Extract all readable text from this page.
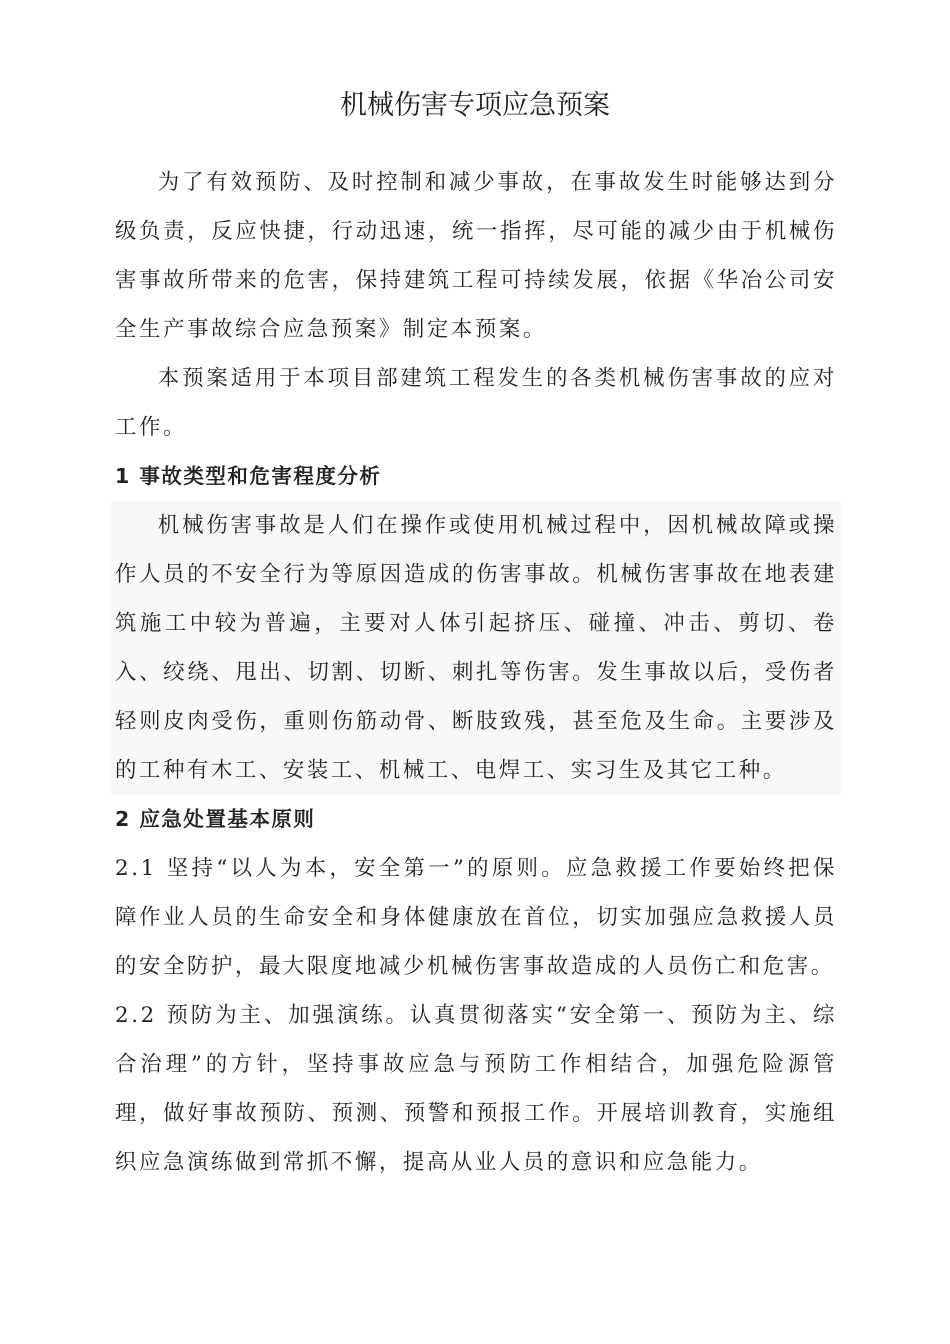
机械伤害专项应急预案

为了有效预防、及时控制和减少事故，在事故发生时能够达到分级负责，反应快捷，行动迅速，统一指挥，尽可能的减少由于机械伤害事故所带来的危害，保持建筑工程可持续发展，依据《华冶公司安全生产事故综合应急预案》制定本预案。

本预案适用于本项目部建筑工程发生的各类机械伤害事故的应对工作。

1 事故类型和危害程度分析

机械伤害事故是人们在操作或使用机械过程中，因机械故障或操作人员的不安全行为等原因造成的伤害事故。机械伤害事故在地表建筑施工中较为普遍，主要对人体引起挤压、碰撞、冲击、剪切、卷入、绞绕、甩出、切割、切断、刺扎等伤害。发生事故以后，受伤者轻则皮肉受伤，重则伤筋动骨、断肢致残，甚至危及生命。主要涉及的工种有木工、安装工、机械工、电焊工、实习生及其它工种。

2 应急处置基本原则

2.1 坚持“以人为本，安全第一”的原则。应急救援工作要始终把保障作业人员的生命安全和身体健康放在首位，切实加强应急救援人员的安全防护，最大限度地减少机械伤害事故造成的人员伤亡和危害。

2.2 预防为主、加强演练。认真贯彻落实“安全第一、预防为主、综合治理”的方针，坚持事故应急与预防工作相结合，加强危险源管理，做好事故预防、预测、预警和预报工作。开展培训教育，实施组织应急演练做到常抓不懈，提高从业人员的意识和应急能力。
